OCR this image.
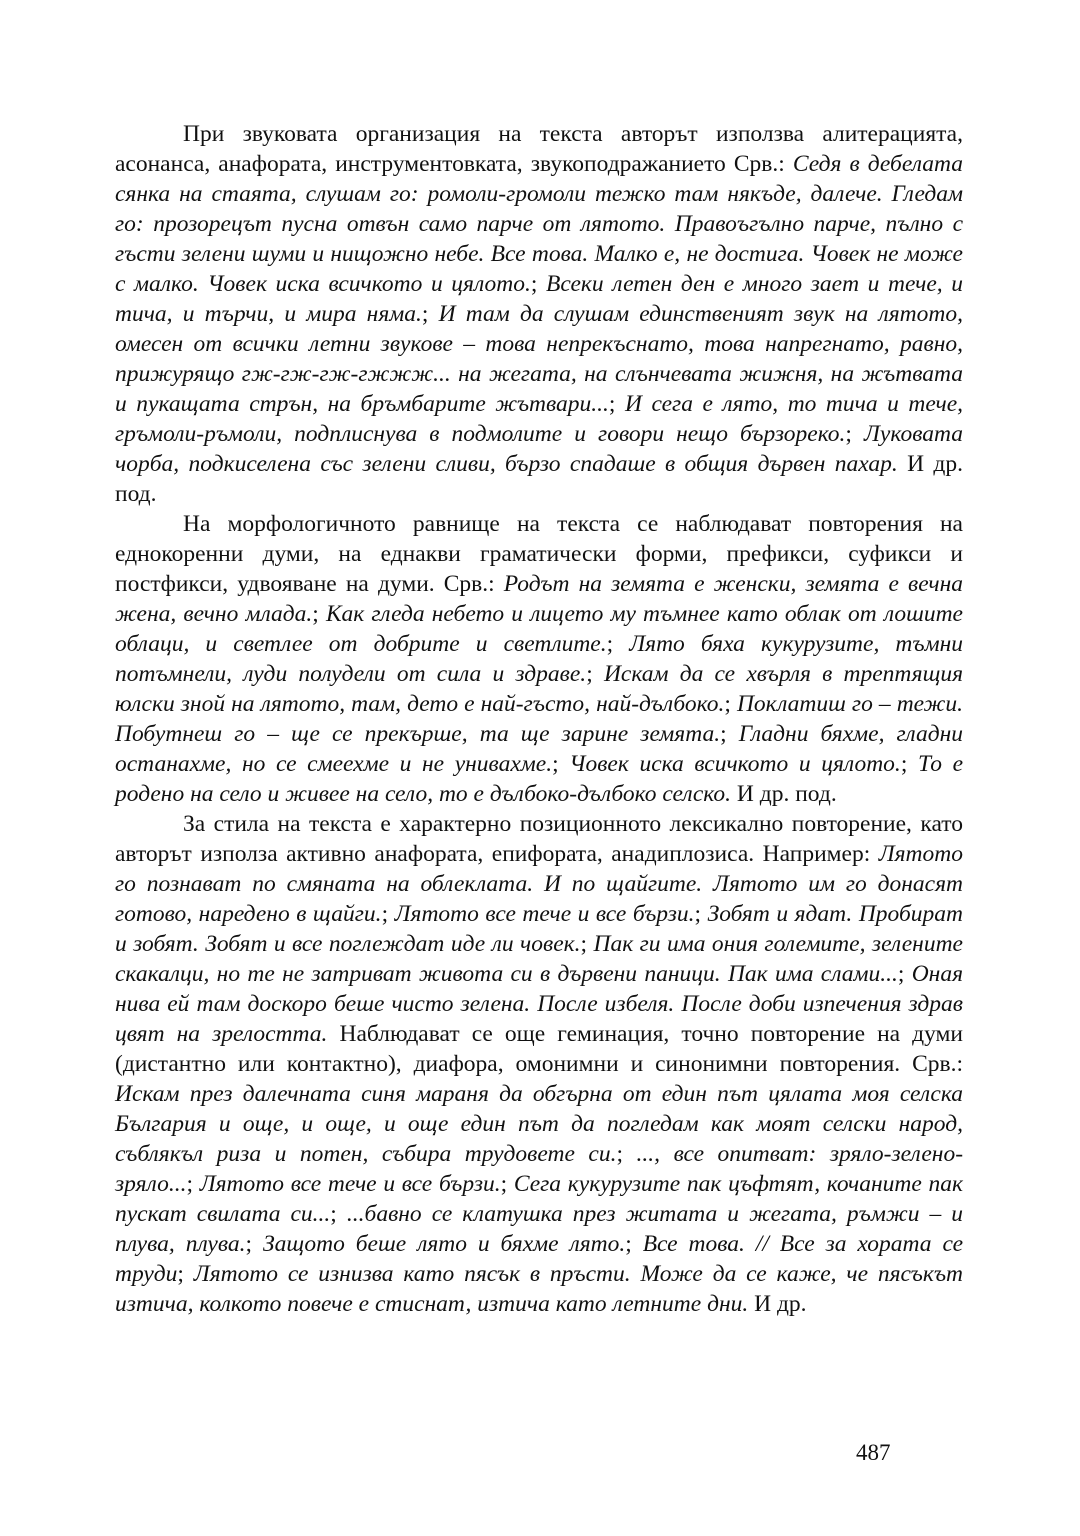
При звуковата организация на текста авторът използва алитерацията, асонанса, анафората, инструментовката, звукоподражанието Срв.: Седя в дебелата сянка на стаята, слушам го: ромоли-громоли тежко там някъде, далече. Гледам го: прозорецът пусна отвън само парче от лятото. Правоъгълно парче, пълно с гъсти зелени шуми и нищожно небе. Все това. Малко е, не достига. Човек не може с малко. Човек иска всичкото и цялото.; Всеки летен ден е много заeт и тече, и тича, и търчи, и мира няма.; И там да слушам единственият звук на лятото, омесен от всички летни звукове – това непрекъснато, това напрегнато, равно, прижурящо гж-гж-гж-гжжж... на жегата, на слънчевата жижня, на жътвата и пукащата стрън, на бръмбарите жътвари...; И сега е лято, то тича и тече, гръмоли-ръмоли, подплиснува в подмолите и говори нещо бързореко.; Луковата чорба, подкиселена със зелени сливи, бързо спадаше в общия дървен пахар. И др. под.

На морфологичното равнище на текста се наблюдават повторения на еднокоренни думи, на еднакви граматически форми, префикси, суфикси и постфикси, удвояване на думи. Срв.: Родът на земята е женски, земята е вечна жена, вечно млада.; Как гледа небето и лицето му тъмнее като облак от лошите облаци, и светлее от добрите и светлите.; Лято бяха кукурузите, тъмни потъмнели, луди полудели от сила и здраве.; Искам да се хвърля в трептящия юлски зной на лятото, там, дето е най-гъсто, най-дълбоко.; Поклатиш го – тежи. Побутнеш го – ще се прекърше, та ще зарине земята.; Гладни бяхме, гладни останахме, но се смеехме и не унивахме.; Човек иска всичкото и цялото.; То е родено на село и живее на село, то е дълбоко-дълбоко селско. И др. под.

За стила на текста е характерно позиционното лексикално повторение, като авторът използа активно анафората, епифората, анадиплозиса. Например: Лятото го познават по смяната на облеклата. И по щайгите. Лятото им го донасят готово, наредено в щайги.; Лятото все тече и все бързи.; Зобят и ядат. Пробират и зобят. Зобят и все поглеждат иде ли човек.; Пак ги има ония големите, зелените скакалци, но те не затриват живота си в дървени паници. Пак има слами...; Оная нива ей там доскоро беше чисто зелена. После избеля. После доби изпечения здрав цвят на зрелостта. Наблюдават се още геминация, точно повторение на думи (дистантно или контактно), диафора, омонимни и синонимни повторения. Срв.: Искам през далечната синя мараня да обгърна от един път цялата моя селска България и още, и още, и още един път да погледам как моят селски народ, съблякъл риза и потен, събира трудовете си.; ..., все опитват: зряло-зелено-зряло...; Лятото все тече и все бързи.; Сега кукурузите пак цъфтят, кочаните пак пускат свилата си...; ...бавно се клатушка през житата и жегата, ръмжи – и плува, плува.; Защото беше лято и бяхме лято.; Все това. // Все за хората се труди; Лятото се изнизва като пясък в пръсти. Може да се каже, че пясъкът изтича, колкото повече е стиснат, изтича като летните дни. И др.

487
